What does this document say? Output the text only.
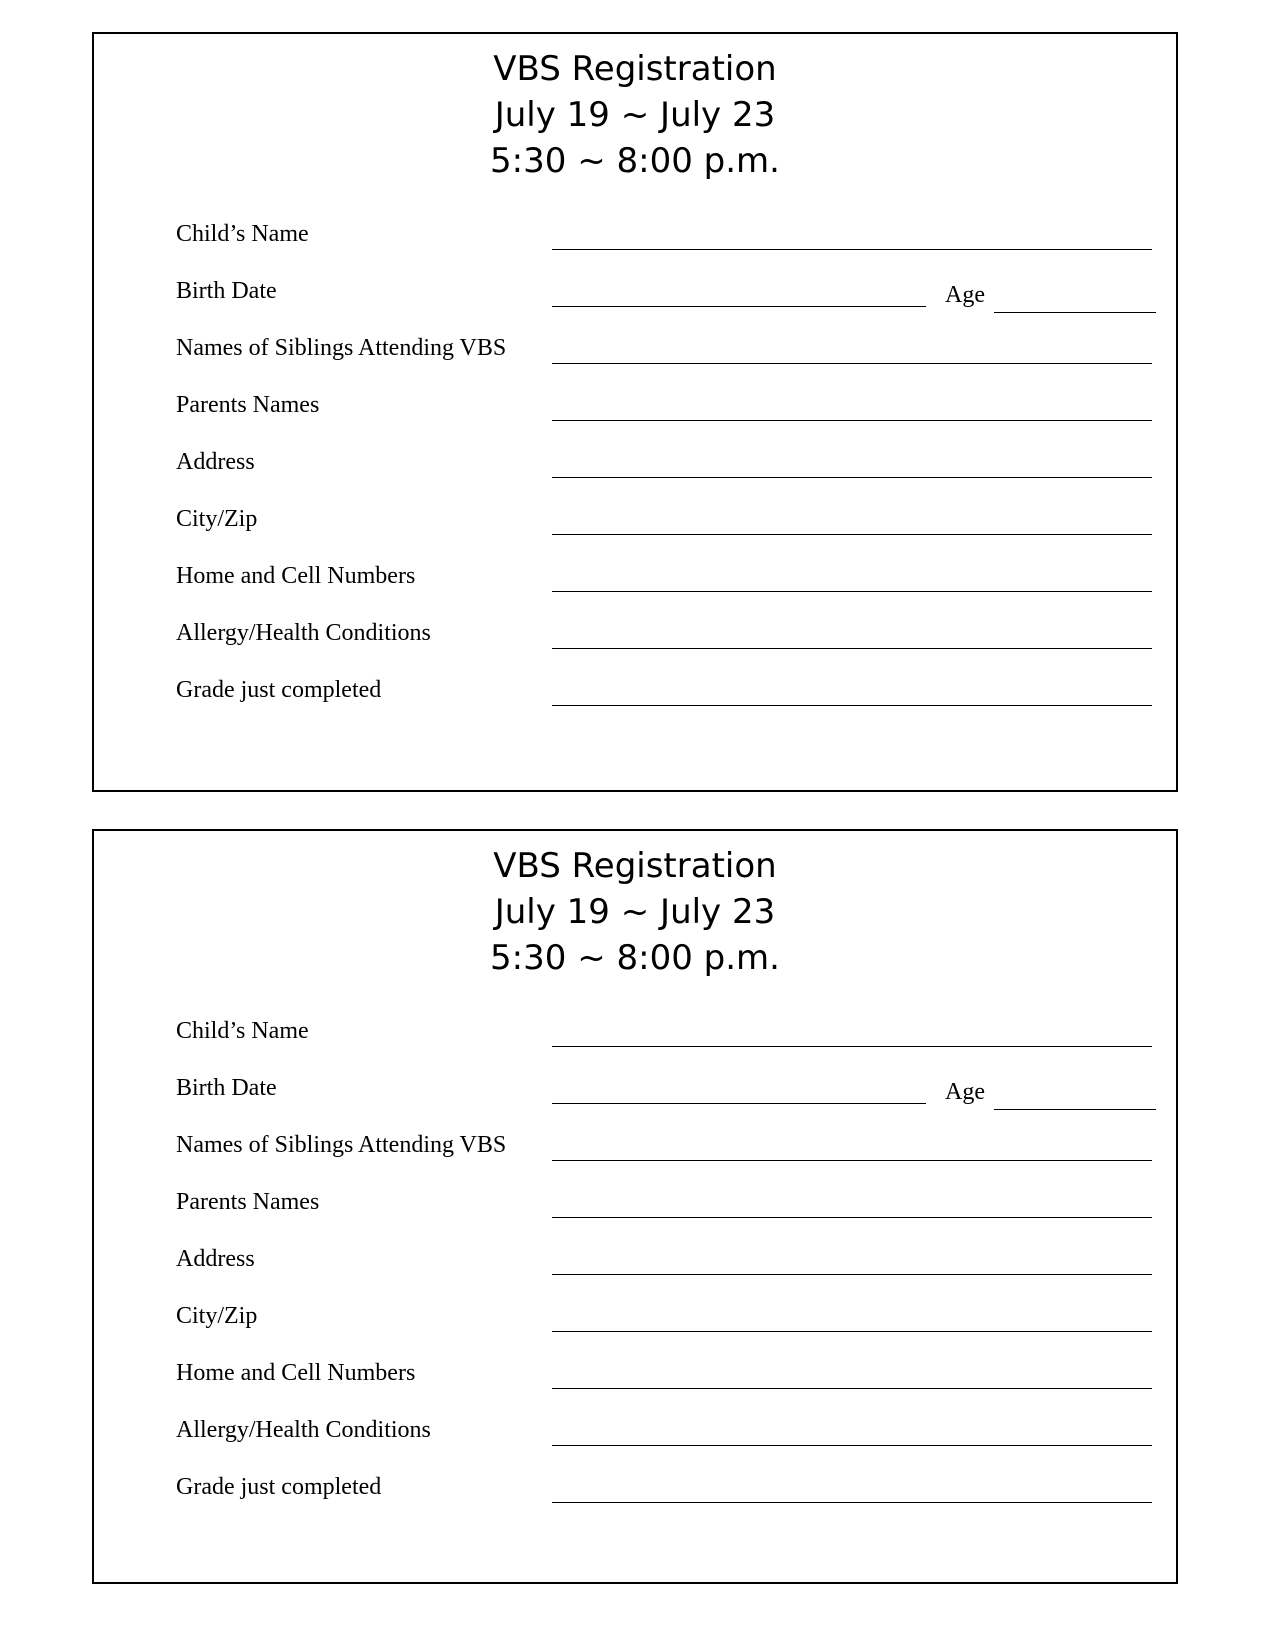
VBS Registration
July 19 ~ July 23
5:30 ~ 8:00 p.m.
Child’s Name
Birth Date	Age
Names of Siblings Attending VBS
Parents Names
Address
City/Zip
Home and Cell Numbers
Allergy/Health Conditions
Grade just completed
VBS Registration
July 19 ~ July 23
5:30 ~ 8:00 p.m.
Child’s Name
Birth Date	Age
Names of Siblings Attending VBS
Parents Names
Address
City/Zip
Home and Cell Numbers
Allergy/Health Conditions
Grade just completed
